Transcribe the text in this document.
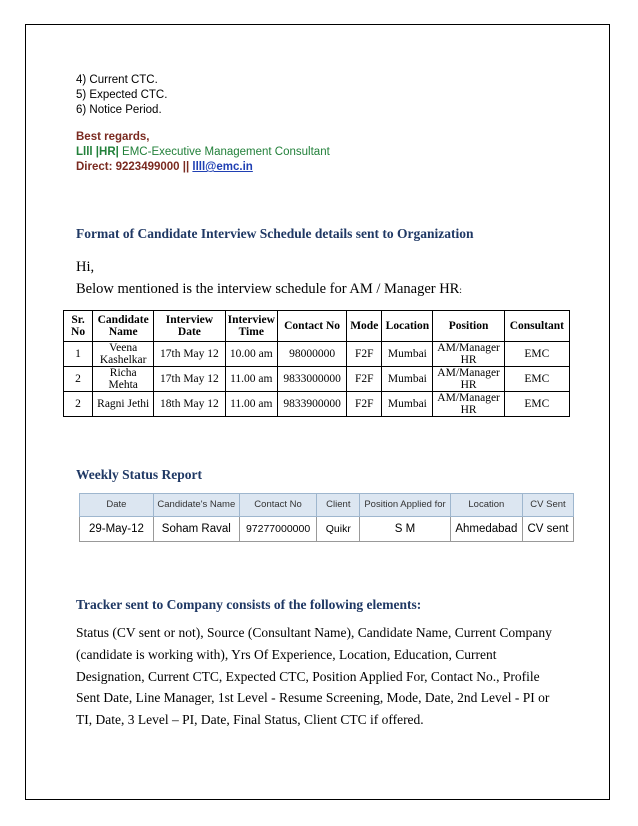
4) Current CTC.
5) Expected CTC.
6) Notice Period.
Best regards,
Llll |HR| EMC-Executive Management Consultant
Direct: 9223499000 || llll@emc.in
Format of Candidate Interview Schedule details sent to Organization
Hi,
Below mentioned is the interview schedule for AM / Manager HR:
Sr. No	Candidate Name	Interview Date	Interview Time	Contact No	Mode	Location	Position	Consultant
1	Veena Kashelkar	17th May 12	10.00 am	98000000	F2F	Mumbai	AM/Manager HR	EMC
2	Richa Mehta	17th May 12	11.00 am	9833000000	F2F	Mumbai	AM/Manager HR	EMC
2	Ragni Jethi	18th May 12	11.00 am	9833900000	F2F	Mumbai	AM/Manager HR	EMC
Weekly Status Report
Date	Candidate's Name	Contact No	Client	Position Applied for	Location	CV Sent
29-May-12	Soham Raval	97277000000	Quikr	S M	Ahmedabad	CV sent
Tracker sent to Company consists of the following elements:
Status (CV sent or not), Source (Consultant Name), Candidate Name, Current Company (candidate is working with), Yrs Of Experience, Location, Education, Current Designation, Current CTC, Expected CTC, Position Applied For, Contact No., Profile Sent Date, Line Manager, 1st Level - Resume Screening, Mode, Date, 2nd Level - PI or TI, Date, 3 Level – PI, Date, Final Status, Client CTC if offered.
